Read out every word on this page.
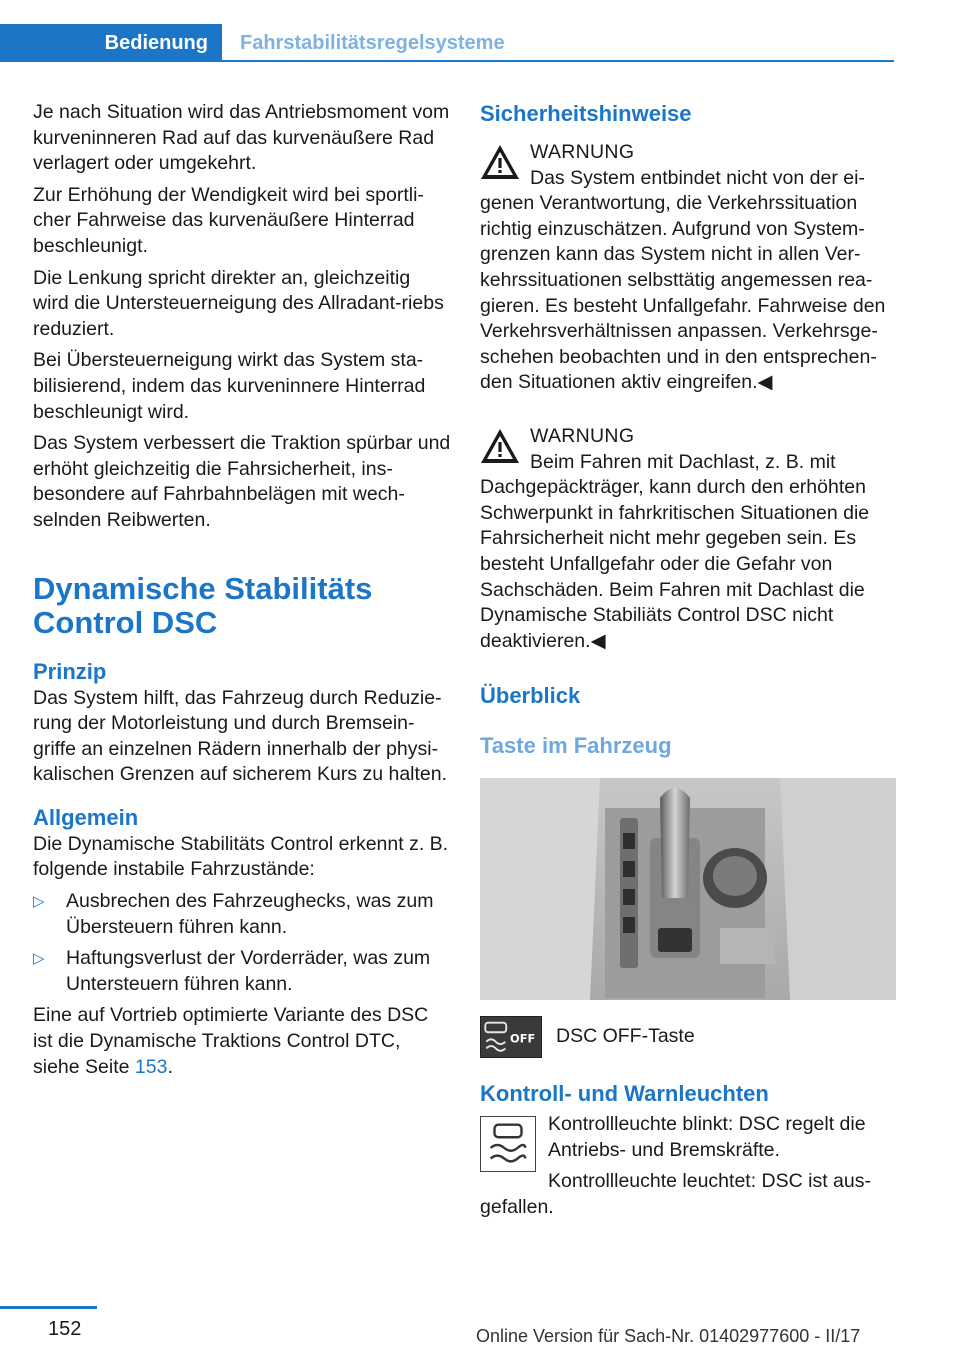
Bedienung	Fahrstabilitätsregelsysteme

Je nach Situation wird das Antriebsmoment vom kurveninneren Rad auf das kurvenäußere Rad verlagert oder umgekehrt.

Zur Erhöhung der Wendigkeit wird bei sportli‐cher Fahrweise das kurvenäußere Hinterrad beschleunigt.

Die Lenkung spricht direkter an, gleichzeitig wird die Untersteuerneigung des Allradant‐riebs reduziert.

Bei Übersteuerneigung wirkt das System sta‐bilisierend, indem das kurveninnere Hinterrad beschleunigt wird.

Das System verbessert die Traktion spürbar und erhöht gleichzeitig die Fahrsicherheit, ins‐besondere auf Fahrbahnbelägen mit wech‐selnden Reibwerten.

Dynamische Stabilitäts Control DSC
Prinzip

Das System hilft, das Fahrzeug durch Reduzie‐rung der Motorleistung und durch Bremsein‐griffe an einzelnen Rädern innerhalb der physi‐kalischen Grenzen auf sicherem Kurs zu halten.

Allgemein

Die Dynamische Stabilitäts Control erkennt z. B. folgende instabile Fahrzustände:

▷ Ausbrechen des Fahrzeughecks, was zum Übersteuern führen kann.
▷ Haftungsverlust der Vorderräder, was zum Untersteuern führen kann.

Eine auf Vortrieb optimierte Variante des DSC ist die Dynamische Traktions Control DTC, siehe Seite 153.

Sicherheitshinweise
WARNUNG
Das System entbindet nicht von der ei‐genen Verantwortung, die Verkehrssituation richtig einzuschätzen. Aufgrund von System‐grenzen kann das System nicht in allen Ver‐kehrssituationen selbsttätig angemessen rea‐gieren. Es besteht Unfallgefahr. Fahrweise den Verkehrsverhältnissen anpassen. Verkehrsge‐schehen beobachten und in den entsprechen‐den Situationen aktiv eingreifen.◀
WARNUNG
Beim Fahren mit Dachlast, z. B. mit Dachgepäckträger, kann durch den erhöhten Schwerpunkt in fahrkritischen Situationen die Fahrsicherheit nicht mehr gegeben sein. Es besteht Unfallgefahr oder die Gefahr von Sachschäden. Beim Fahren mit Dachlast die Dynamische Stabiliäts Control DSC nicht deaktivieren.◀
Überblick
Taste im Fahrzeug
OFF DSC OFF-Taste
Kontroll- und Warnleuchten

Kontrollleuchte blinkt: DSC regelt die Antriebs- und Bremskräfte.

Kontrollleuchte leuchtet: DSC ist aus‐gefallen.

152	Online Version für Sach-Nr. 01402977600 - II/17
